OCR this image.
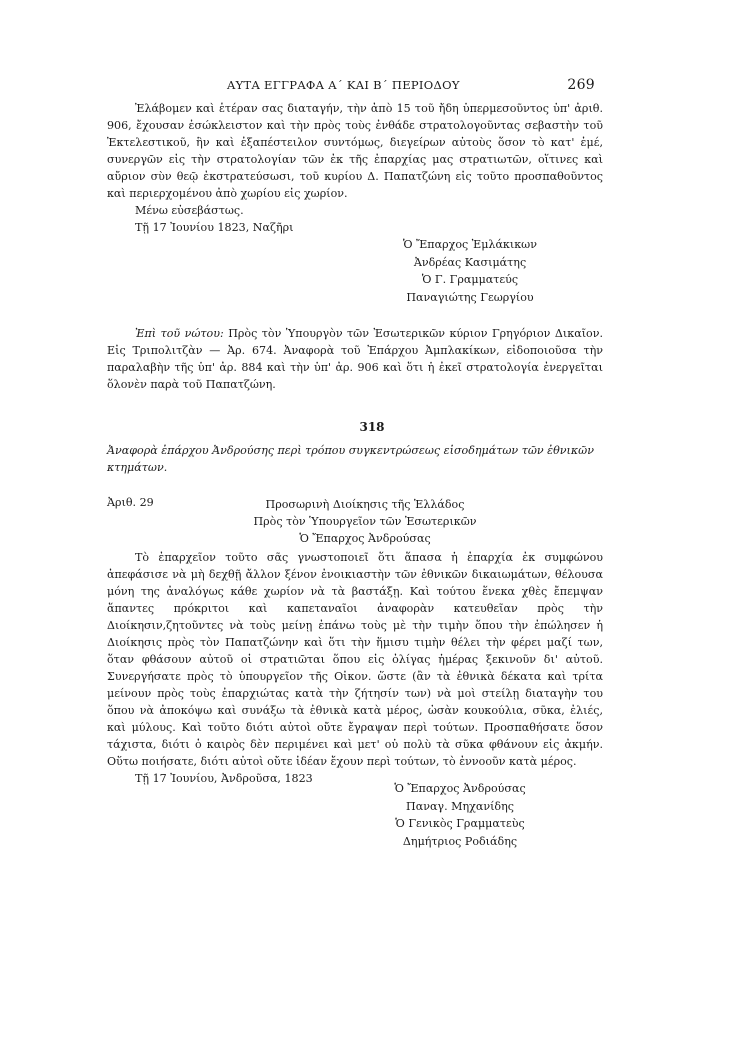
ΑΥΤΑ ΕΓΓΡΑΦΑ Α΄ ΚΑΙ Β΄ ΠΕΡΙΟΔΟΥ	269

Ἐλάβομεν καὶ ἑτέραν σας διαταγήν, τὴν ἀπὸ 15 τοῦ ἤδη ὑπερμεσοῦντος ὑπ' ἀριθ. 906, ἔχουσαν ἐσώκλειστον καὶ τὴν πρὸς τοὺς ἐνθάδε στρατολογοῦντας σεβαστὴν τοῦ Ἐκτελεστικοῦ, ἣν καὶ ἐξαπέστειλον συντόμως, διεγείρων αὐτοὺς ὅσον τὸ κατ' ἐμέ, συνεργῶν εἰς τὴν στρατολογίαν τῶν ἐκ τῆς ἐπαρχίας μας στρατιωτῶν, οἵτινες καὶ αὔριον σὺν θεῷ ἐκστρατεύσωσι, τοῦ κυρίου Δ. Παπατζώνη εἰς τοῦτο προσπαθοῦντος καὶ περιερχομένου ἀπὸ χωρίου εἰς χωρίον.

Μένω εὐσεβάστως.

Τῇ 17 Ἰουνίου 1823, Ναζῆρι

Ὁ Ἔπαρχος Ἐμλάκικων
Ἀνδρέας Κασιμάτης
Ὁ Γ. Γραμματεύς
Παναγιώτης Γεωργίου

Ἐπὶ τοῦ νώτου: Πρὸς τὸν Ὑπουργὸν τῶν Ἐσωτερικῶν κύριον Γρηγόριον Δικαῖον. Εἰς Τριπολιτζὰν — Ἀρ. 674. Ἀναφορὰ τοῦ Ἐπάρχου Ἀμπλακίκων, εἰδοποιοῦσα τὴν παραλαβὴν τῆς ὑπ' ἀρ. 884 καὶ τὴν ὑπ' ἀρ. 906 καὶ ὅτι ἡ ἐκεῖ στρατολογία ἐνεργεῖται ὅλονὲν παρὰ τοῦ Παπατζώνη.

318
Ἀναφορὰ ἐπάρχου Ἀνδρούσης περὶ τρόπου συγκεντρώσεως εἰσοδημάτων τῶν ἐθνικῶν κτημάτων.
Ἀριθ. 29	Προσωρινὴ Διοίκησις τῆς Ἑλλάδος
Πρὸς τὸν Ὑπουργεῖον τῶν Ἐσωτερικῶν
Ὁ Ἔπαρχος Ἀνδρούσας

Τὸ ἐπαρχεῖον τοῦτο σᾶς γνωστοποιεῖ ὅτι ἅπασα ἡ ἐπαρχία ἐκ συμφώνου ἀπεφάσισε νὰ μὴ δεχθῇ ἄλλον ξένον ἐνοικιαστὴν τῶν ἐθνικῶν δικαιωμάτων, θέλουσα μόνη της ἀναλόγως κάθε χωρίον νὰ τὰ βαστάξῃ. Καὶ τούτου ἕνεκα χθὲς ἔπεμψαν ἅπαντες πρόκριτοι καὶ καπεταναῖοι ἀναφορὰν κατευθεῖαν πρὸς τὴν Διοίκησιν,ζητοῦντες νὰ τοὺς μείνῃ ἐπάνω τοὺς μὲ τὴν τιμὴν ὅπου τὴν ἐπώλησεν ἡ Διοίκησις πρὸς τὸν Παπατζώνην καὶ ὅτι τὴν ἥμισυ τιμὴν θέλει τὴν φέρει μαζί των, ὅταν φθάσουν αὐτοῦ οἱ στρατιῶται ὅπου εἰς ὀλίγας ἡμέρας ξεκινοῦν δι' αὐτοῦ. Συνεργήσατε πρὸς τὸ ὑπουργεῖον τῆς Οἰκον. ὥστε (ἂν τὰ ἐθνικὰ δέκατα καὶ τρίτα μείνουν πρὸς τοὺς ἐπαρχιώτας κατὰ τὴν ζήτησίν των) νὰ μοὶ στείλῃ διαταγὴν του ὅπου νὰ ἀποκόψω καὶ συνάξω τὰ ἐθνικὰ κατὰ μέρος, ὡσὰν κουκούλια, σῦκα, ἐλιές, καὶ μύλους. Καὶ τοῦτο διότι αὐτοὶ οὔτε ἔγραψαν περὶ τούτων. Προσπαθήσατε ὅσον τάχιστα, διότι ὁ καιρὸς δὲν περιμένει καὶ μετ' οὐ πολὺ τὰ σῦκα φθάνουν εἰς ἀκμήν. Οὕτω ποιήσατε, διότι αὐτοὶ οὔτε ἰδέαν ἔχουν περὶ τούτων, τὸ ἐννοοῦν κατὰ μέρος.

Τῇ 17 Ἰουνίου, Ἀνδροῦσα, 1823

Ὁ Ἔπαρχος Ἀνδρούσας
Παναγ. Μηχανίδης
Ὁ Γενικὸς Γραμματεὺς
Δημήτριος Ροδιάδης
